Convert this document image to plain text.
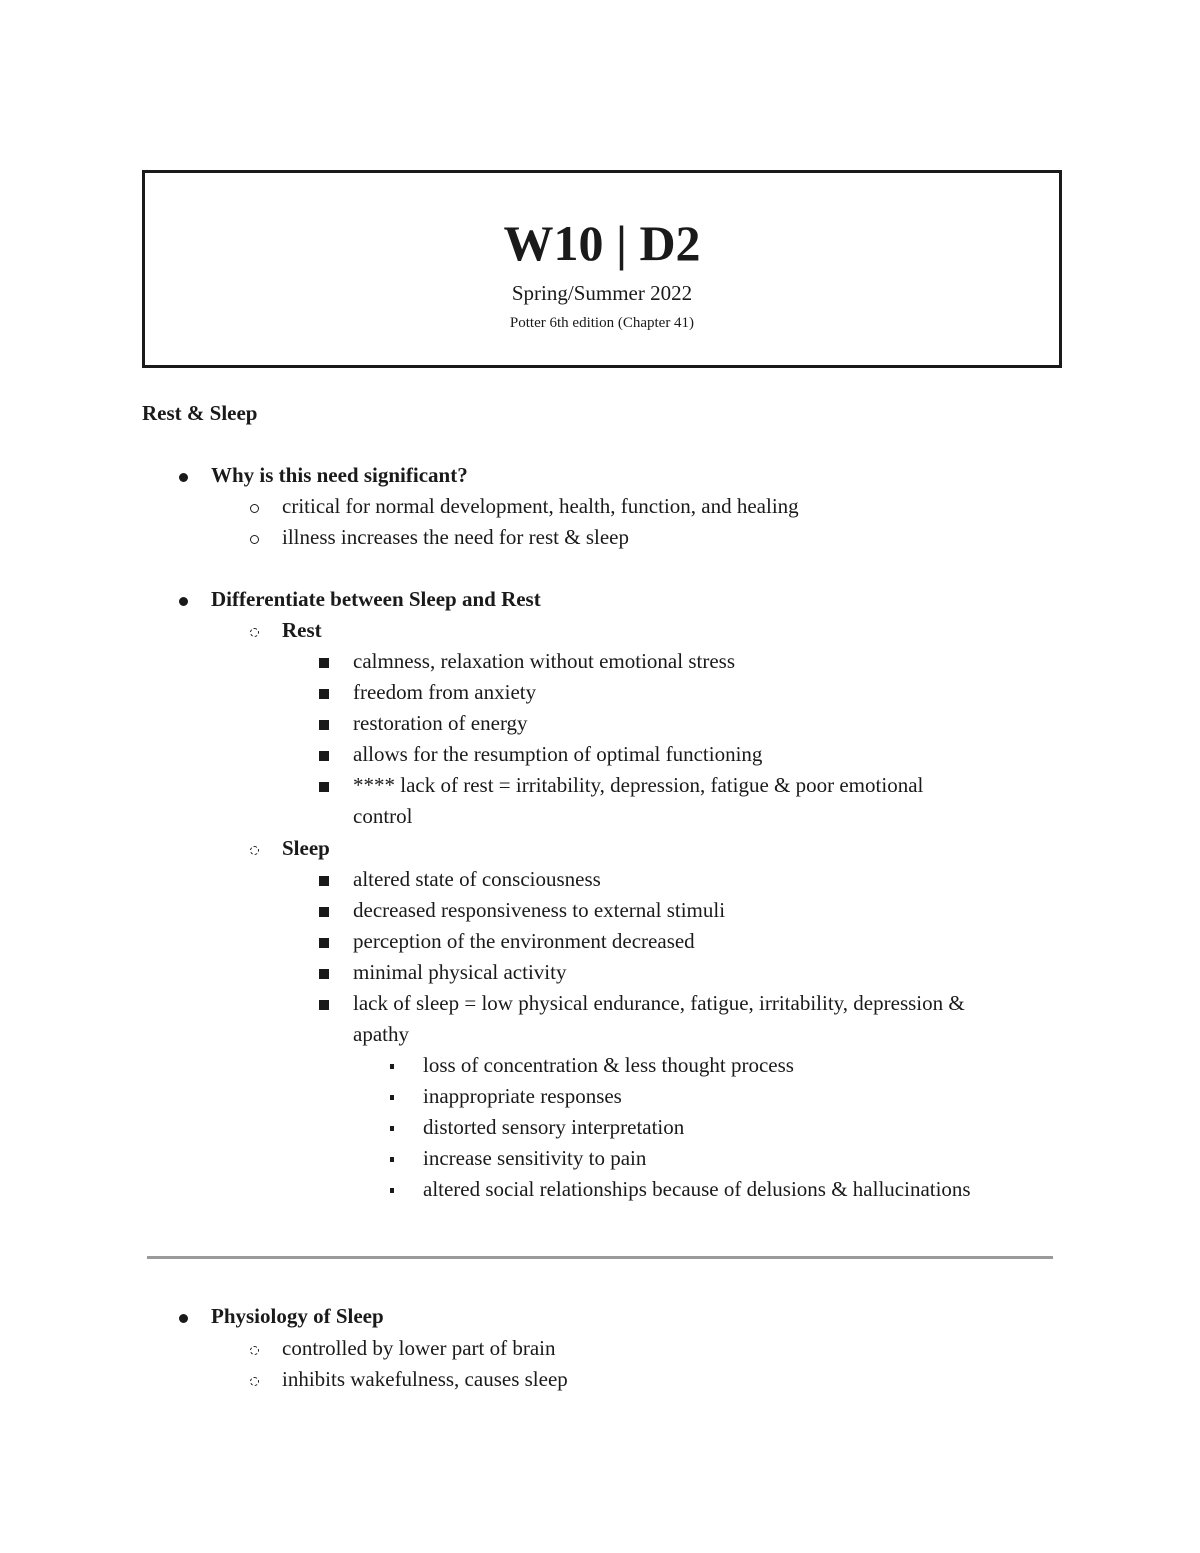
W10 | D2
Spring/Summer 2022
Potter 6th edition (Chapter 41)
Rest & Sleep
Why is this need significant?
critical for normal development, health, function, and healing
illness increases the need for rest & sleep
Differentiate between Sleep and Rest
Rest
calmness, relaxation without emotional stress
freedom from anxiety
restoration of energy
allows for the resumption of optimal functioning
**** lack of rest = irritability, depression, fatigue & poor emotional
control
Sleep
altered state of consciousness
decreased responsiveness to external stimuli
perception of the environment decreased
minimal physical activity
lack of sleep = low physical endurance, fatigue, irritability, depression &
apathy
loss of concentration & less thought process
inappropriate responses
distorted sensory interpretation
increase sensitivity to pain
altered social relationships because of delusions & hallucinations
Physiology of Sleep
controlled by lower part of brain
inhibits wakefulness, causes sleep
